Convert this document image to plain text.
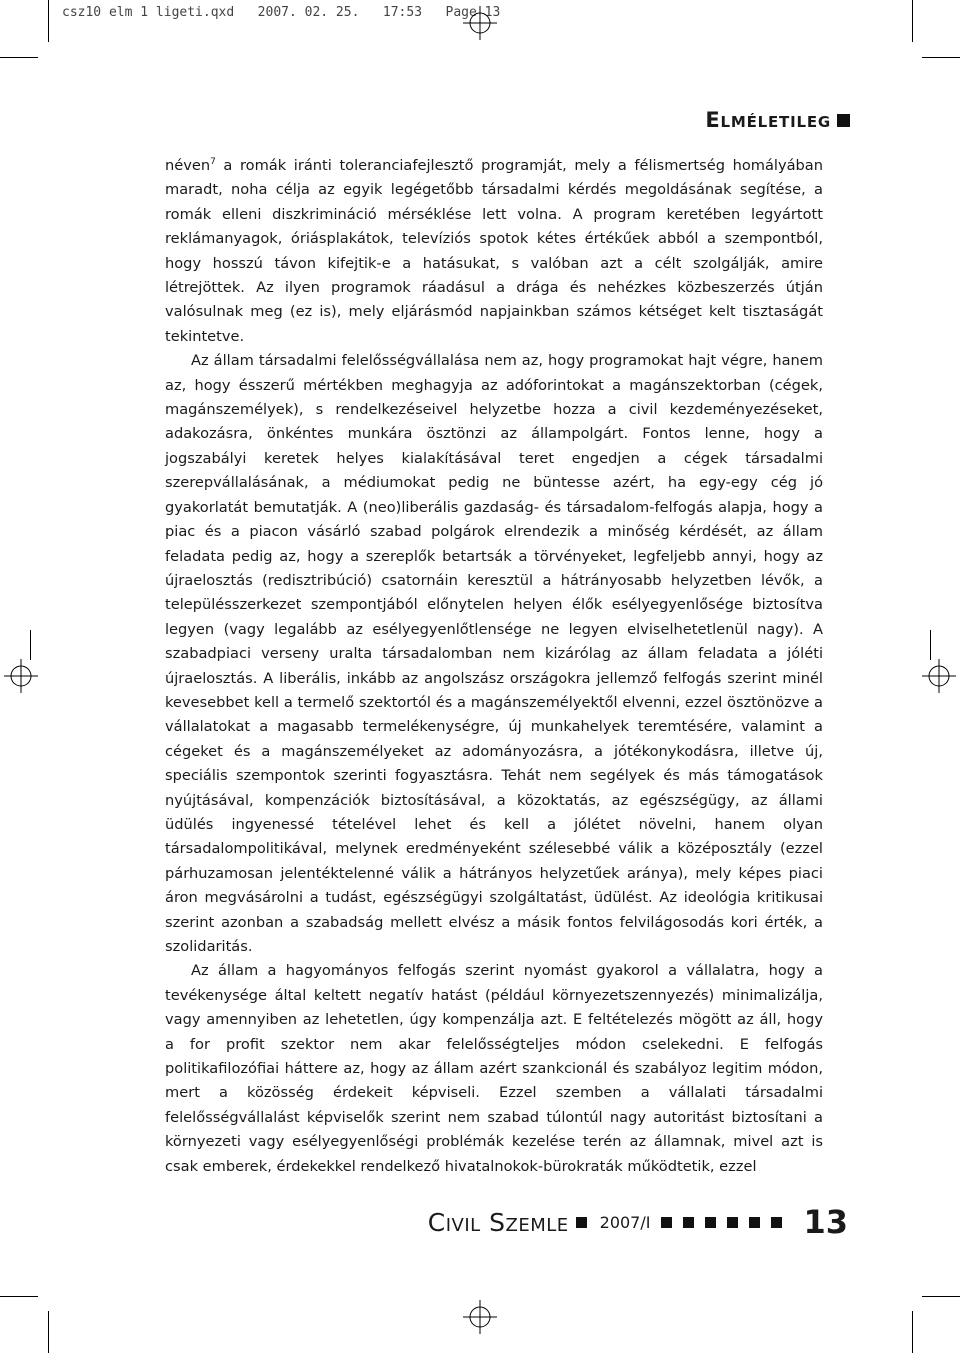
csz10 elm 1 ligeti.qxd   2007. 02. 25.   17:53   Page 13
Elméletileg

néven$^7$ a romák iránti toleranciafejlesztő programját, mely a félismertség homályában maradt, noha célja az egyik legégetőbb társadalmi kérdés megoldásának segítése, a romák elleni diszkrimináció mérséklése lett volna. A program keretében legyártott reklámanyagok, óriásplakátok, televíziós spotok kétes értékűek abból a szempontból, hogy hosszú távon kifejtik-e a hatásukat, s valóban azt a célt szolgálják, amire létrejöttek. Az ilyen programok ráadásul a drága és nehézkes közbeszerzés útján valósulnak meg (ez is), mely eljárásmód napjainkban számos kétséget kelt tisztaságát tekintetve.

Az állam társadalmi felelősségvállalása nem az, hogy programokat hajt végre, hanem az, hogy ésszerű mértékben meghagyja az adóforintokat a magánszektorban (cégek, magánszemélyek), s rendelkezéseivel helyzetbe hozza a civil kezdeményezéseket, adakozásra, önkéntes munkára ösztönzi az állampolgárt. Fontos lenne, hogy a jogszabályi keretek helyes kialakításával teret engedjen a cégek társadalmi szerepvállalásának, a médiumokat pedig ne büntesse azért, ha egy-egy cég jó gyakorlatát bemutatják. A (neo)liberális gazdaság- és társadalom-felfogás alapja, hogy a piac és a piacon vásárló szabad polgárok elrendezik a minőség kérdését, az állam feladata pedig az, hogy a szereplők betartsák a törvényeket, legfeljebb annyi, hogy az újraelosztás (redisztribúció) csatornáin keresztül a hátrányosabb helyzetben lévők, a településszerkezet szempontjából előnytelen helyen élők esélyegyenlősége biztosítva legyen (vagy legalább az esélyegyenlőtlensége ne legyen elviselhetetlenül nagy). A szabadpiaci verseny uralta társadalomban nem kizárólag az állam feladata a jóléti újraelosztás. A liberális, inkább az angolszász országokra jellemző felfogás szerint minél kevesebbet kell a termelő szektortól és a magánszemélyektől elvenni, ezzel ösztönözve a vállalatokat a magasabb termelékenységre, új munkahelyek teremtésére, valamint a cégeket és a magánszemélyeket az adományozásra, a jótékonykodásra, illetve új, speciális szempontok szerinti fogyasztásra. Tehát nem segélyek és más támogatások nyújtásával, kompenzációk biztosításával, a közoktatás, az egészségügy, az állami üdülés ingyenessé tételével lehet és kell a jólétet növelni, hanem olyan társadalompolitikával, melynek eredményeként szélesebbé válik a középosztály (ezzel párhuzamosan jelentéktelenné válik a hátrányos helyzetűek aránya), mely képes piaci áron megvásárolni a tudást, egészségügyi szolgáltatást, üdülést. Az ideológia kritikusai szerint azonban a szabadság mellett elvész a másik fontos felvilágosodás kori érték, a szolidaritás.

Az állam a hagyományos felfogás szerint nyomást gyakorol a vállalatra, hogy a tevékenysége által keltett negatív hatást (például környezetszennyezés) minimalizálja, vagy amennyiben az lehetetlen, úgy kompenzálja azt. E feltételezés mögött az áll, hogy a for profit szektor nem akar felelősségteljes módon cselekedni. E felfogás politikafilozófiai háttere az, hogy az állam azért szankcionál és szabályoz legitim módon, mert a közösség érdekeit képviseli. Ezzel szemben a vállalati társadalmi felelősségvállalást képviselők szerint nem szabad túlontúl nagy autoritást biztosítani a környezeti vagy esélyegyenlőségi problémák kezelése terén az államnak, mivel azt is csak emberek, érdekekkel rendelkező hivatalnokok-bürokraták működtetik, ezzel

Civil Szemle 2007/I	13
